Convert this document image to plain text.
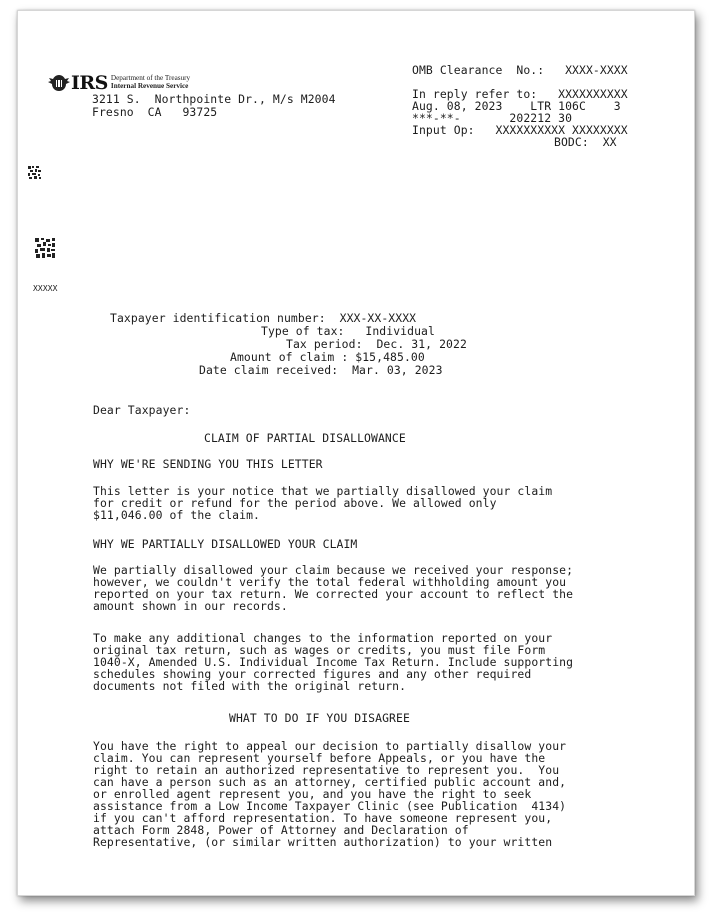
IRS Department of the Treasury
Internal Revenue Service
3211 S.  Northpointe Dr., M/s M2004
Fresno  CA   93725
OMB Clearance  No.:   XXXX-XXXX
In reply refer to:   XXXXXXXXXX
Aug. 08, 2023    LTR 106C    3
***-**-       202212 30
Input Op:   XXXXXXXXXX XXXXXXXX
BODC:  XX
XXXXX
Taxpayer identification number:  XXX-XX-XXXX
Type of tax:   Individual
Tax period:  Dec. 31, 2022
Amount of claim : $15,485.00
Date claim received:  Mar. 03, 2023
Dear Taxpayer:
CLAIM OF PARTIAL DISALLOWANCE
WHY WE'RE SENDING YOU THIS LETTER
This letter is your notice that we partially disallowed your claim
for credit or refund for the period above. We allowed only
$11,046.00 of the claim.
WHY WE PARTIALLY DISALLOWED YOUR CLAIM
We partially disallowed your claim because we received your response;
however, we couldn't verify the total federal withholding amount you
reported on your tax return. We corrected your account to reflect the
amount shown in our records.
To make any additional changes to the information reported on your
original tax return, such as wages or credits, you must file Form
1040-X, Amended U.S. Individual Income Tax Return. Include supporting
schedules showing your corrected figures and any other required
documents not filed with the original return.
WHAT TO DO IF YOU DISAGREE
You have the right to appeal our decision to partially disallow your
claim. You can represent yourself before Appeals, or you have the
right to retain an authorized representative to represent you.  You
can have a person such as an attorney, certified public account and,
or enrolled agent represent you, and you have the right to seek
assistance from a Low Income Taxpayer Clinic (see Publication  4134)
if you can't afford representation. To have someone represent you,
attach Form 2848, Power of Attorney and Declaration of
Representative, (or similar written authorization) to your written
